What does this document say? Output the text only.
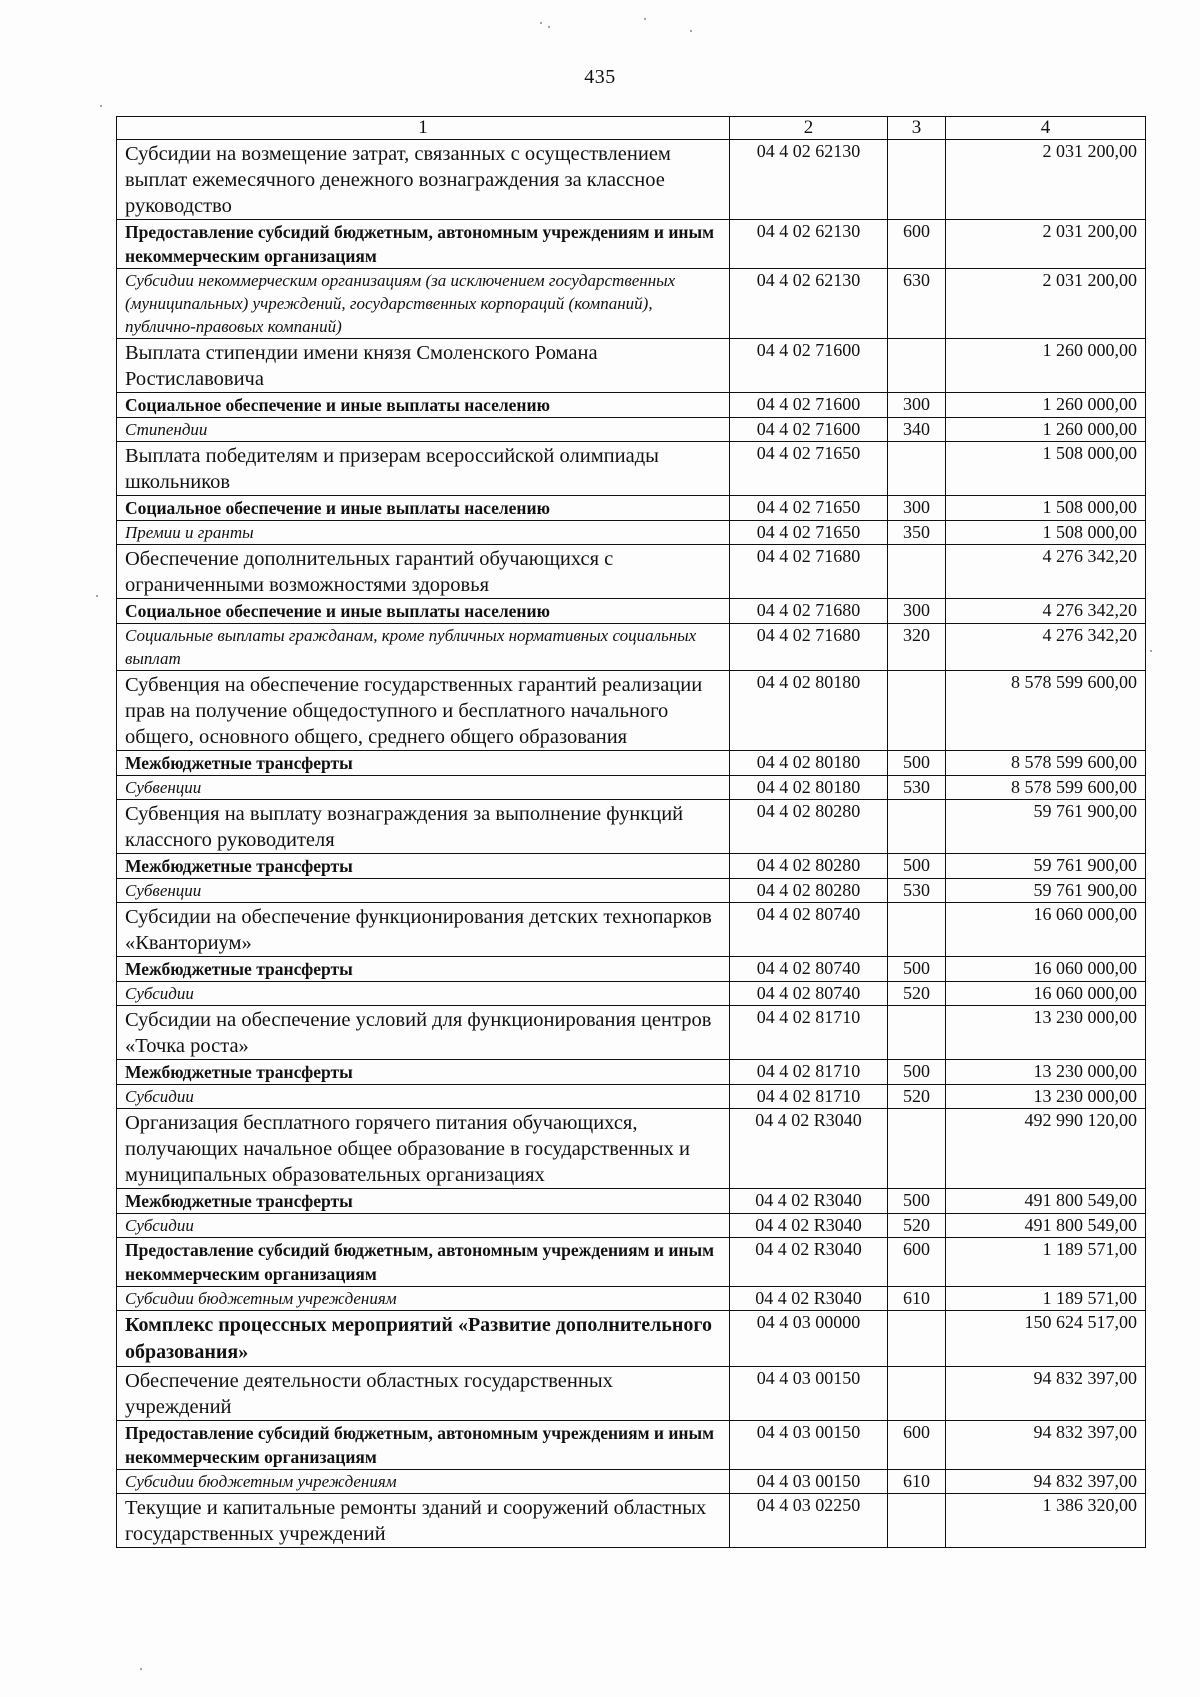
435
1	2	3	4
Субсидии на возмещение затрат, связанных с осуществлением выплат ежемесячного денежного вознаграждения за классное руководство	04 4 02 62130		2 031 200,00
Предоставление субсидий бюджетным, автономным учреждениям и иным некоммерческим организациям	04 4 02 62130	600	2 031 200,00
Субсидии некоммерческим организациям (за исключением государственных (муниципальных) учреждений, государственных корпораций (компаний), публично-правовых компаний)	04 4 02 62130	630	2 031 200,00
Выплата стипендии имени князя Смоленского Романа Ростиславовича	04 4 02 71600		1 260 000,00
Социальное обеспечение и иные выплаты населению	04 4 02 71600	300	1 260 000,00
Стипендии	04 4 02 71600	340	1 260 000,00
Выплата победителям и призерам всероссийской олимпиады школьников	04 4 02 71650		1 508 000,00
Социальное обеспечение и иные выплаты населению	04 4 02 71650	300	1 508 000,00
Премии и гранты	04 4 02 71650	350	1 508 000,00
Обеспечение дополнительных гарантий обучающихся с ограниченными возможностями здоровья	04 4 02 71680		4 276 342,20
Социальное обеспечение и иные выплаты населению	04 4 02 71680	300	4 276 342,20
Социальные выплаты гражданам, кроме публичных нормативных социальных выплат	04 4 02 71680	320	4 276 342,20
Субвенция на обеспечение государственных гарантий реализации прав на получение общедоступного и бесплатного начального общего, основного общего, среднего общего образования	04 4 02 80180		8 578 599 600,00
Межбюджетные трансферты	04 4 02 80180	500	8 578 599 600,00
Субвенции	04 4 02 80180	530	8 578 599 600,00
Субвенция на выплату вознаграждения за выполнение функций классного руководителя	04 4 02 80280		59 761 900,00
Межбюджетные трансферты	04 4 02 80280	500	59 761 900,00
Субвенции	04 4 02 80280	530	59 761 900,00
Субсидии на обеспечение функционирования детских технопарков «Кванториум»	04 4 02 80740		16 060 000,00
Межбюджетные трансферты	04 4 02 80740	500	16 060 000,00
Субсидии	04 4 02 80740	520	16 060 000,00
Субсидии на обеспечение условий для функционирования центров «Точка роста»	04 4 02 81710		13 230 000,00
Межбюджетные трансферты	04 4 02 81710	500	13 230 000,00
Субсидии	04 4 02 81710	520	13 230 000,00
Организация бесплатного горячего питания обучающихся, получающих начальное общее образование в государственных и муниципальных образовательных организациях	04 4 02 R3040		492 990 120,00
Межбюджетные трансферты	04 4 02 R3040	500	491 800 549,00
Субсидии	04 4 02 R3040	520	491 800 549,00
Предоставление субсидий бюджетным, автономным учреждениям и иным некоммерческим организациям	04 4 02 R3040	600	1 189 571,00
Субсидии бюджетным учреждениям	04 4 02 R3040	610	1 189 571,00
Комплекс процессных мероприятий «Развитие дополнительного образования»	04 4 03 00000		150 624 517,00
Обеспечение деятельности областных государственных учреждений	04 4 03 00150		94 832 397,00
Предоставление субсидий бюджетным, автономным учреждениям и иным некоммерческим организациям	04 4 03 00150	600	94 832 397,00
Субсидии бюджетным учреждениям	04 4 03 00150	610	94 832 397,00
Текущие и капитальные ремонты зданий и сооружений областных государственных учреждений	04 4 03 02250		1 386 320,00
